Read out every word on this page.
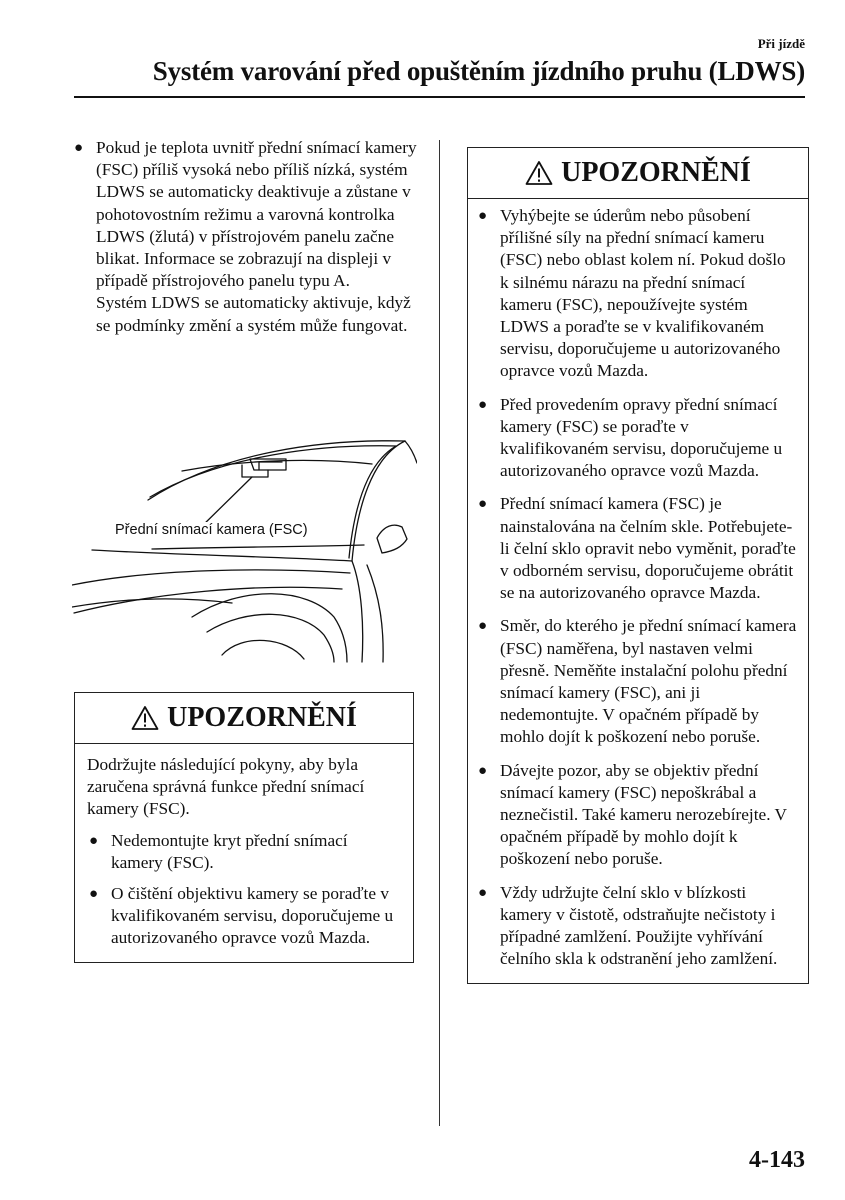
Při jízdě
Systém varování před opuštěním jízdního pruhu (LDWS)
● Pokud je teplota uvnitř přední snímací kamery (FSC) příliš vysoká nebo příliš nízká, systém LDWS se automaticky deaktivuje a zůstane v pohotovostním režimu a varovná kontrolka LDWS (žlutá) v přístrojovém panelu začne blikat. Informace se zobrazují na displeji v případě přístrojového panelu typu A.
Systém LDWS se automaticky aktivuje, když se podmínky změní a systém může fungovat.
Přední snímací kamera (FSC)
UPOZORNĚNÍ
Dodržujte následující pokyny, aby byla zaručena správná funkce přední snímací kamery (FSC).
● Nedemontujte kryt přední snímací kamery (FSC).
● O čištění objektivu kamery se poraďte v kvalifikovaném servisu, doporučujeme u autorizovaného opravce vozů Mazda.
UPOZORNĚNÍ
● Vyhýbejte se úderům nebo působení přílišné síly na přední snímací kameru (FSC) nebo oblast kolem ní. Pokud došlo k silnému nárazu na přední snímací kameru (FSC), nepoužívejte systém LDWS a poraďte se v kvalifikovaném servisu, doporučujeme u autorizovaného opravce vozů Mazda.
● Před provedením opravy přední snímací kamery (FSC) se poraďte v kvalifikovaném servisu, doporučujeme u autorizovaného opravce vozů Mazda.
● Přední snímací kamera (FSC) je nainstalována na čelním skle. Potřebujete-li čelní sklo opravit nebo vyměnit, poraďte v odborném servisu, doporučujeme obrátit se na autorizovaného opravce Mazda.
● Směr, do kterého je přední snímací kamera (FSC) naměřena, byl nastaven velmi přesně. Neměňte instalační polohu přední snímací kamery (FSC), ani ji nedemontujte. V opačném případě by mohlo dojít k poškození nebo poruše.
● Dávejte pozor, aby se objektiv přední snímací kamery (FSC) nepoškrábal a neznečistil. Také kameru nerozebírejte. V opačném případě by mohlo dojít k poškození nebo poruše.
● Vždy udržujte čelní sklo v blízkosti kamery v čistotě, odstraňujte nečistoty i případné zamlžení. Použijte vyhřívání čelního skla k odstranění jeho zamlžení.
4-143
